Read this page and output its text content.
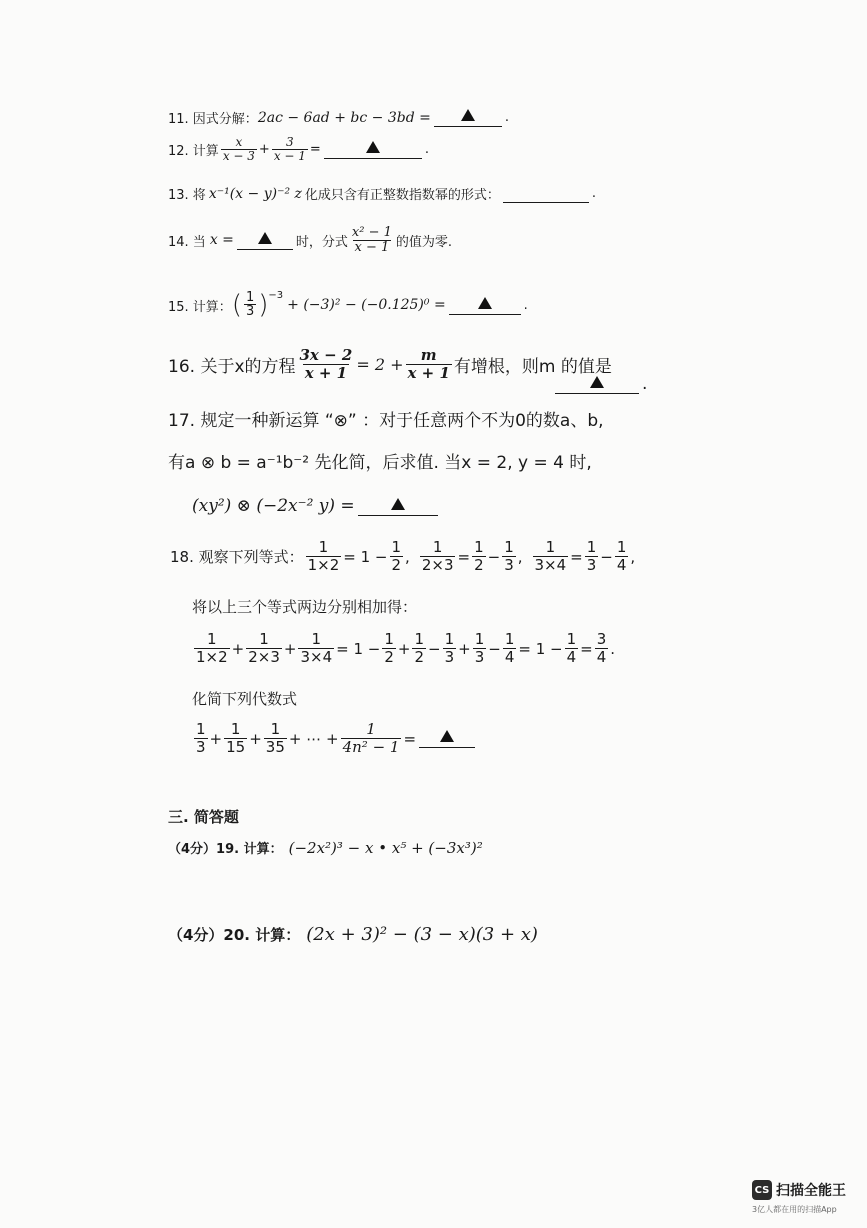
11. 因式分解： 2ac − 6ad + bc − 3bd =	.
12. 计算 $\frac{x}{x - 3} + \frac{3}{x - 1}$ =	.
13. 将 x⁻¹(x − y)⁻² z 化成只含有正整数指数幂的形式：	.
14. 当 x =	时，分式 $\frac{\text{x² − 1}}{x - 1}$ 的值为零.
15. 计算： ( $\frac{1}{3} )^{-3}$
+ (−3)² − (−0.125)⁰ =	.
16. 关于x的方程 $\frac{3x - 2}{x + 1} = 2 + \frac{m}{x + 1}$ 有增根，则m 的值是
.
17. 规定一种新运算 “⊗” ：对于任意两个不为0的数a、b,
有a ⊗ b = a⁻¹b⁻² 先化简，后求值. 当x = 2, y = 4 时,
(xy²) ⊗ (−2x⁻² y) =
18. 观察下列等式： $\frac{1}{1\times 2} = 1 - \frac{1}{2}$ , $\frac{1}{2\times 3} = \frac{1}{2} - \frac{1}{3}$ , $\frac{1}{3\times 4} = \frac{1}{3} - \frac{1}{4}$ ,
将以上三个等式两边分别相加得：
$\frac{1}{1\times 2} + \frac{1}{2\times 3} + \frac{1}{3\times 4} = 1 - \frac{1}{2} + \frac{1}{2} - \frac{1}{3} + \frac{1}{3} - \frac{1}{4} = 1 - \frac{1}{4} = \frac{3}{4}$ .
化简下列代数式
$\frac{1}{3} + \frac{1}{15} + \frac{1}{35}$ + ⋯ + $\frac{1}{\text{4n² − 1}}$ =
三. 简答题
（4分）19. 计算： (−2x²)³ − x • x⁵ + (−3x³)²
（4分）20. 计算： (2x + 3)² − (3 − x)(3 + x)
CS 扫描全能王
3亿人都在用的扫描App
